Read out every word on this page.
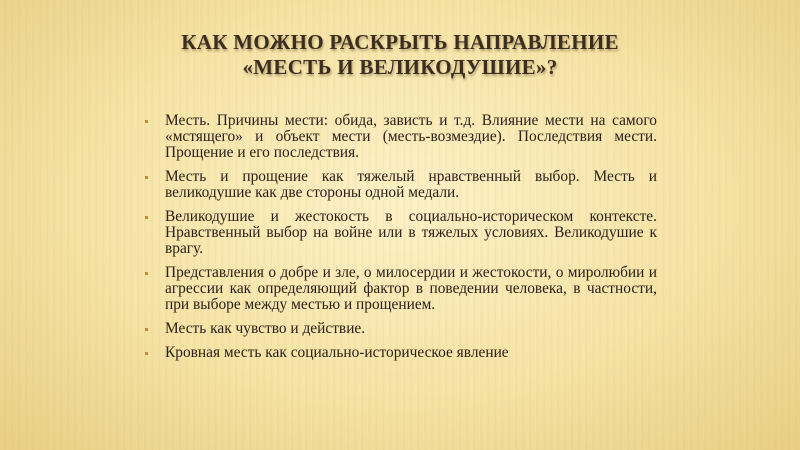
КАК МОЖНО РАСКРЫТЬ НАПРАВЛЕНИЕ
«МЕСТЬ И ВЕЛИКОДУШИЕ»?
Месть. Причины мести: обида, зависть и т.д. Влияние мести на самого «мстящего» и объект мести (месть-возмездие). Последствия мести. Прощение и его последствия.
Месть и прощение как тяжелый нравственный выбор. Месть и великодушие как две стороны одной медали.
Великодушие и жестокость в социально-историческом контексте. Нравственный выбор на войне или в тяжелых условиях. Великодушие к врагу.
Представления о добре и зле, о милосердии и жестокости, о миролюбии и агрессии как определяющий фактор в поведении человека, в частности, при выборе между местью и прощением.
Месть как чувство и действие.
Кровная месть как социально-историческое явление
